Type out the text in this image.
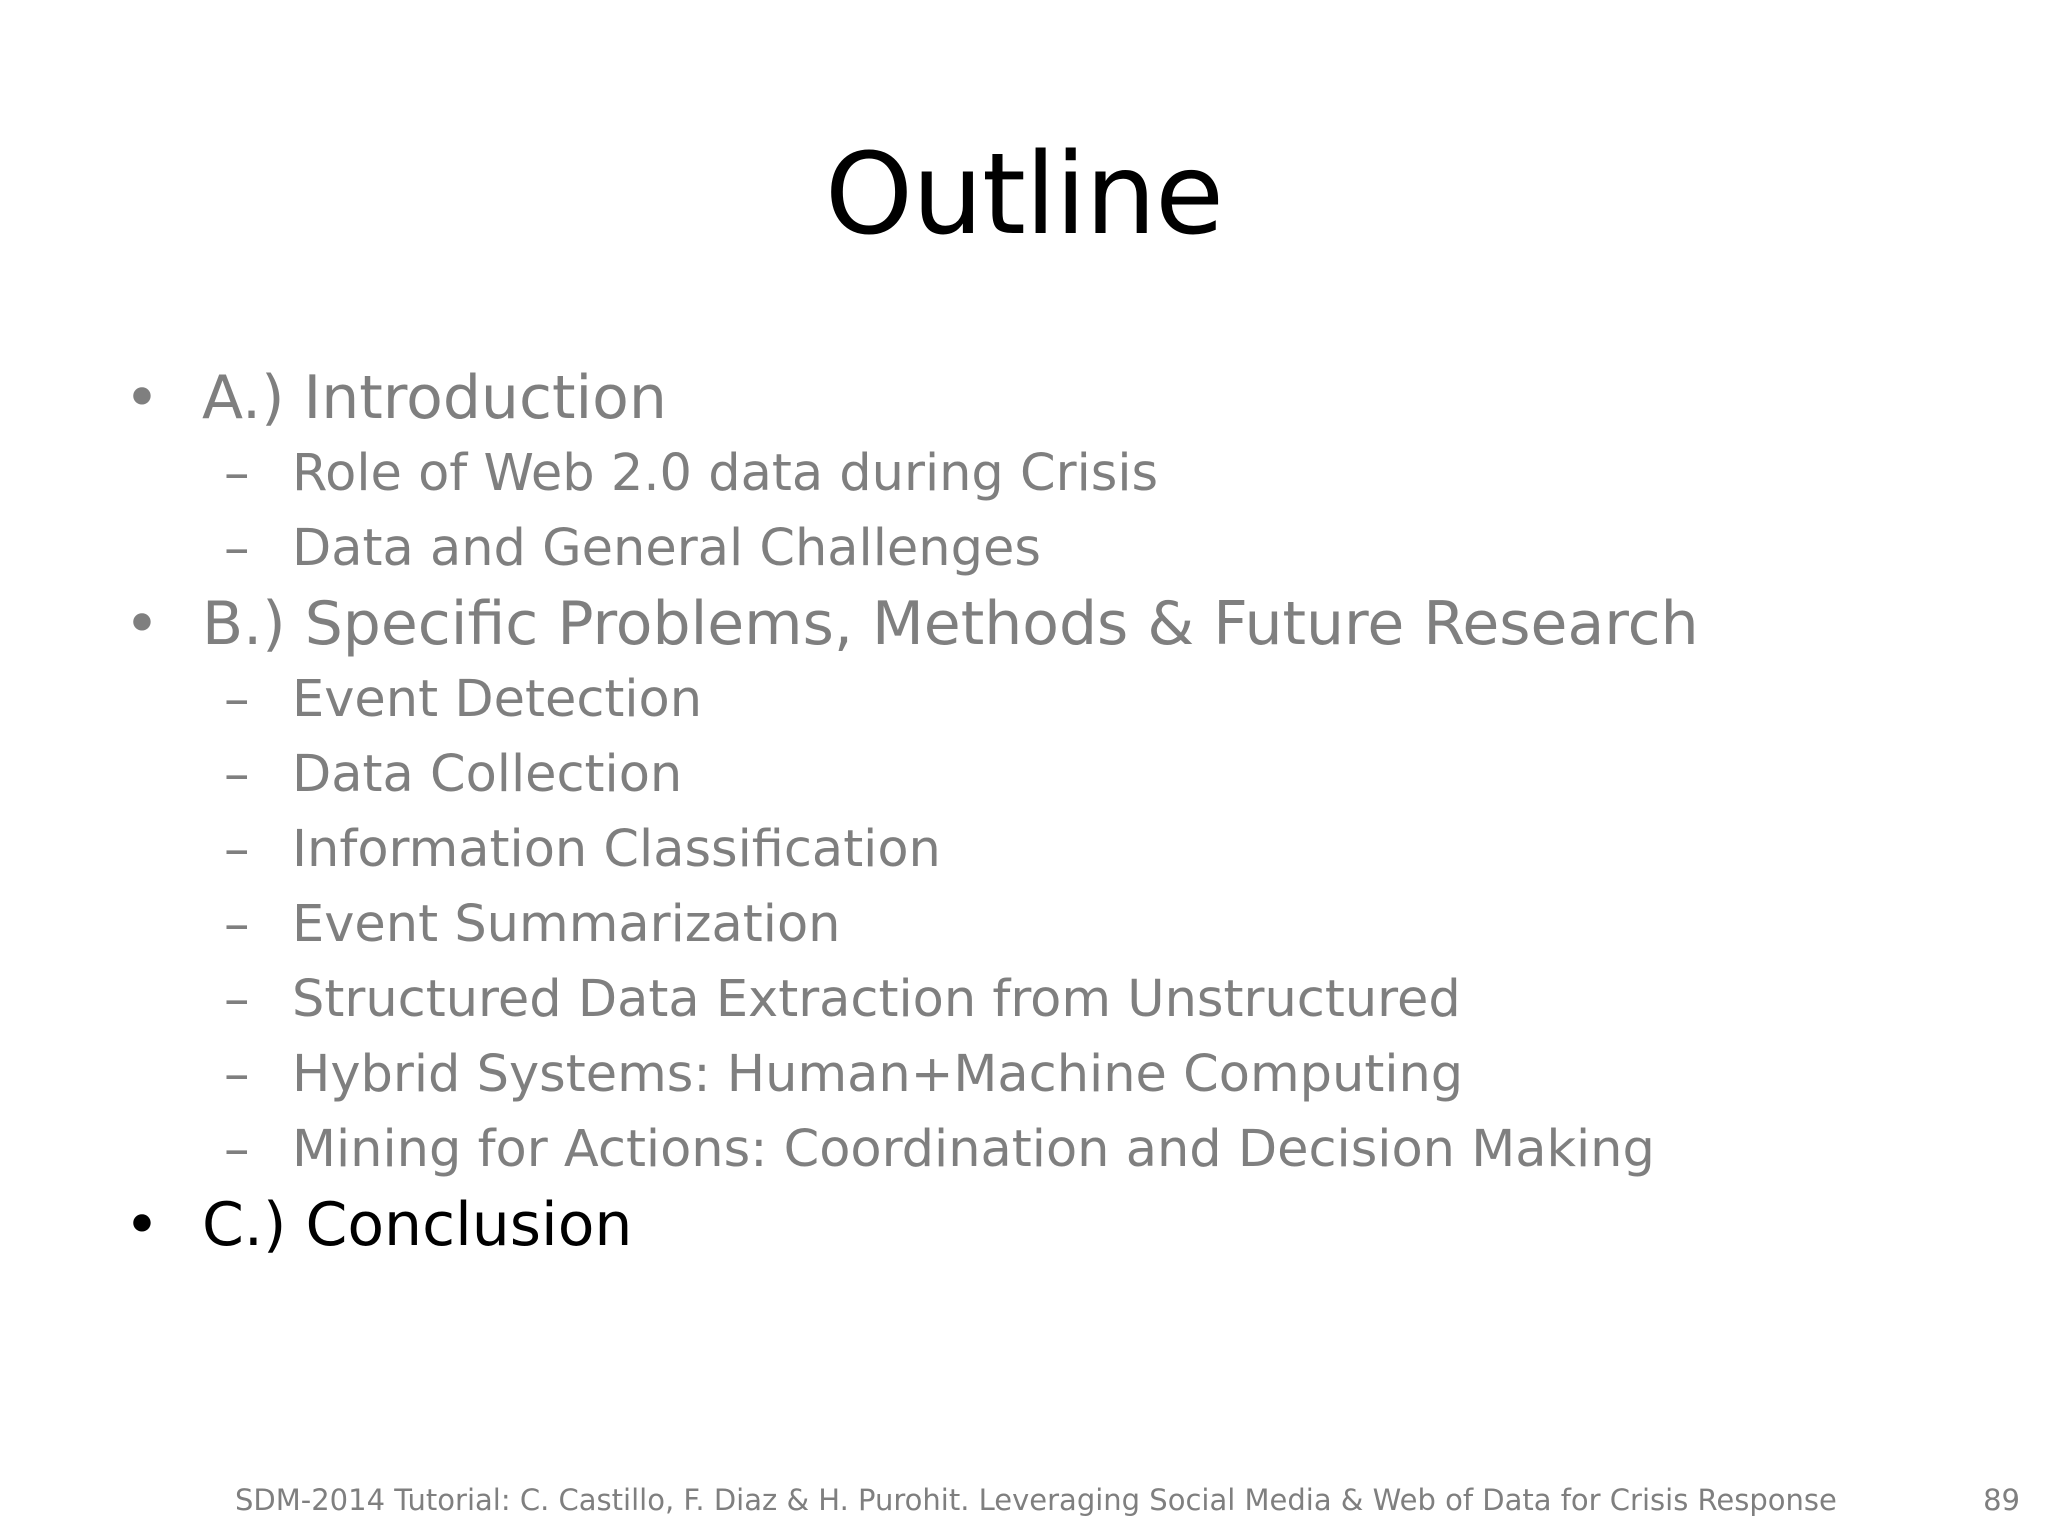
Outline
• A.) Introduction
– Role of Web 2.0 data during Crisis
– Data and General Challenges
• B.) Specific Problems, Methods & Future Research
– Event Detection
– Data Collection
– Information Classification
– Event Summarization
– Structured Data Extraction from Unstructured
– Hybrid Systems: Human+Machine Computing
– Mining for Actions: Coordination and Decision Making
• C.) Conclusion
SDM-2014 Tutorial: C. Castillo, F. Diaz & H. Purohit. Leveraging Social Media & Web of Data for Crisis Response	89
